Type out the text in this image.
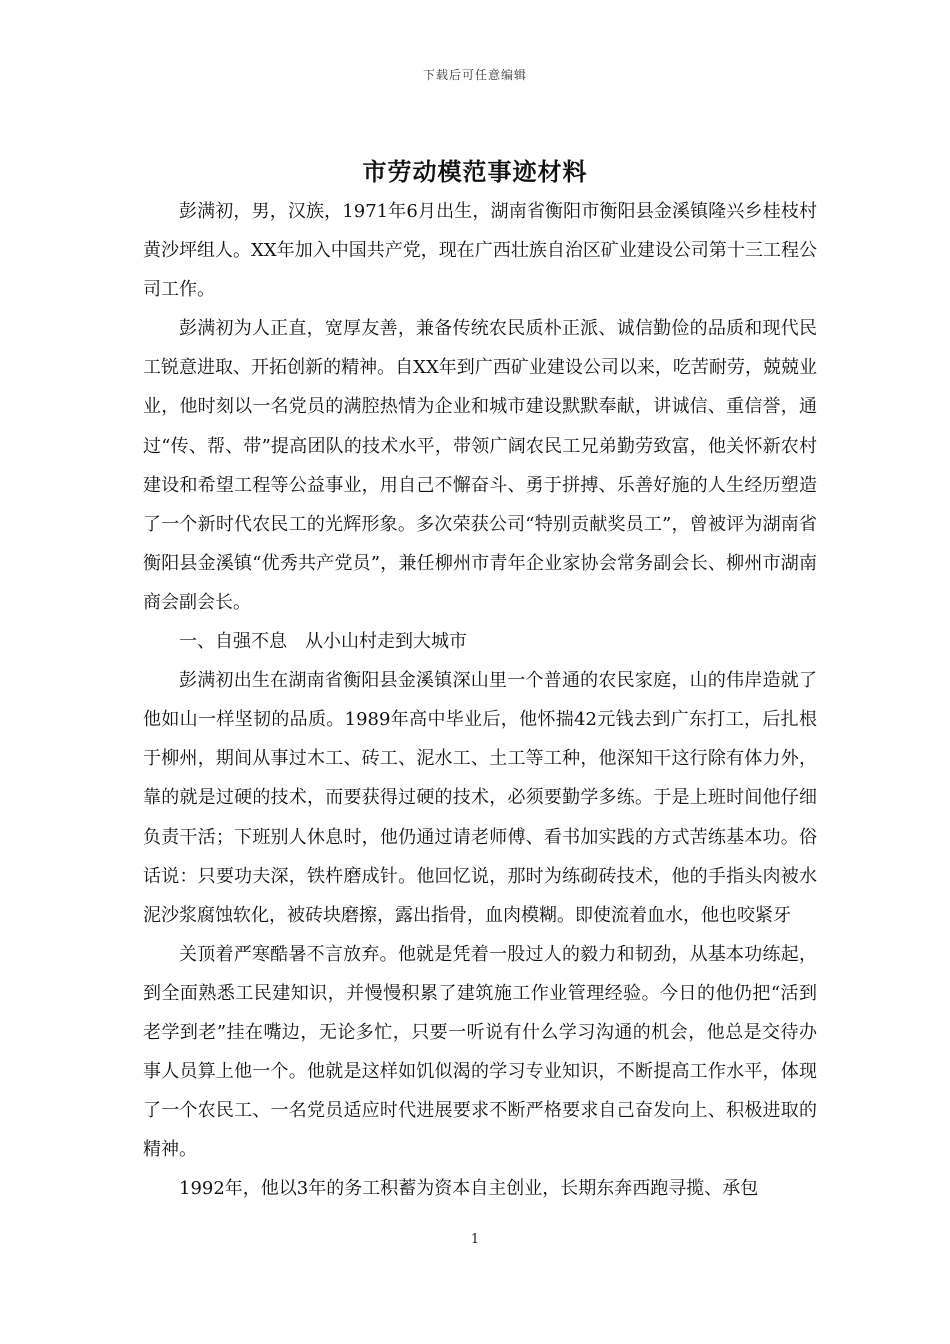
下载后可任意编辑
市劳动模范事迹材料

彭满初，男，汉族，1971年6月出生，湖南省衡阳市衡阳县金溪镇隆兴乡桂枝村黄沙坪组人。XX年加入中国共产党，现在广西壮族自治区矿业建设公司第十三工程公司工作。

彭满初为人正直，宽厚友善，兼备传统农民质朴正派、诚信勤俭的品质和现代民工锐意进取、开拓创新的精神。自XX年到广西矿业建设公司以来，吃苦耐劳，兢兢业业，他时刻以一名党员的满腔热情为企业和城市建设默默奉献，讲诚信、重信誉，通过“传、帮、带”提高团队的技术水平，带领广阔农民工兄弟勤劳致富，他关怀新农村建设和希望工程等公益事业，用自己不懈奋斗、勇于拼搏、乐善好施的人生经历塑造了一个新时代农民工的光辉形象。多次荣获公司“特别贡献奖员工”，曾被评为湖南省衡阳县金溪镇“优秀共产党员”，兼任柳州市青年企业家协会常务副会长、柳州市湖南商会副会长。

一、自强不息　从小山村走到大城市

彭满初出生在湖南省衡阳县金溪镇深山里一个普通的农民家庭，山的伟岸造就了他如山一样坚韧的品质。1989年高中毕业后，他怀揣42元钱去到广东打工，后扎根于柳州，期间从事过木工、砖工、泥水工、土工等工种，他深知干这行除有体力外，靠的就是过硬的技术，而要获得过硬的技术，必须要勤学多练。于是上班时间他仔细负责干活；下班别人休息时，他仍通过请老师傅、看书加实践的方式苦练基本功。俗话说：只要功夫深，铁杵磨成针。他回忆说，那时为练砌砖技术，他的手指头肉被水泥沙浆腐蚀软化，被砖块磨擦，露出指骨，血肉模糊。即使流着血水，他也咬紧牙

关顶着严寒酷暑不言放弃。他就是凭着一股过人的毅力和韧劲，从基本功练起，到全面熟悉工民建知识，并慢慢积累了建筑施工作业管理经验。今日的他仍把“活到老学到老”挂在嘴边，无论多忙，只要一听说有什么学习沟通的机会，他总是交待办事人员算上他一个。他就是这样如饥似渴的学习专业知识，不断提高工作水平，体现了一个农民工、一名党员适应时代进展要求不断严格要求自己奋发向上、积极进取的精神。

1992年，他以3年的务工积蓄为资本自主创业，长期东奔西跑寻揽、承包

1
